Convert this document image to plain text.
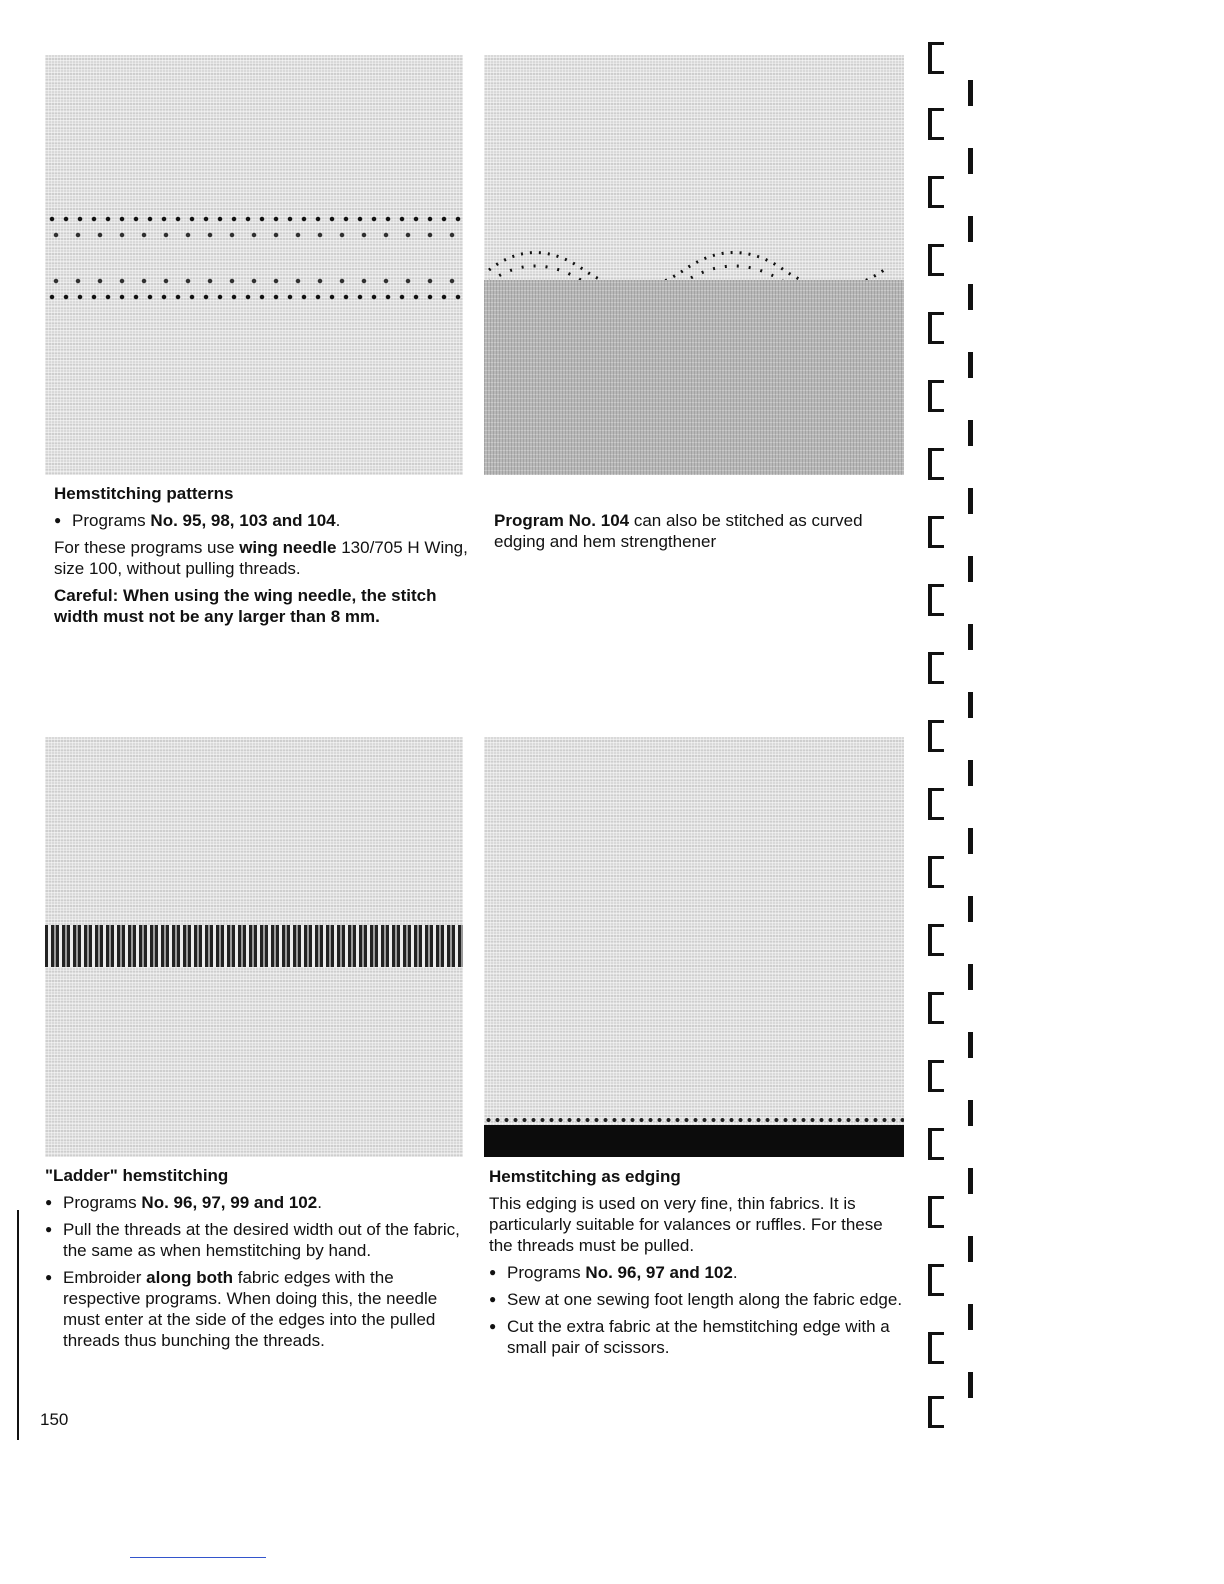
Hemstitching patterns
● Programs No. 95, 98, 103 and 104.

For these programs use wing needle 130/705 H Wing, size 100, without pulling threads.

Careful: When using the wing needle, the stitch width must not be any larger than 8 mm.

Program No. 104 can also be stitched as curved edging and hem strengthener

"Ladder" hemstitching
● Programs No. 96, 97, 99 and 102.
● Pull the threads at the desired width out of the fabric, the same as when hemstitching by hand.
● Embroider along both fabric edges with the respective programs. When doing this, the needle must enter at the side of the edges into the pulled threads thus bunching the threads.
Hemstitching as edging

This edging is used on very fine, thin fabrics. It is particularly suitable for valances or ruffles. For these the threads must be pulled.

● Programs No. 96, 97 and 102.
● Sew at one sewing foot length along the fabric edge.
● Cut the extra fabric at the hemstitching edge with a small pair of scissors.
150
